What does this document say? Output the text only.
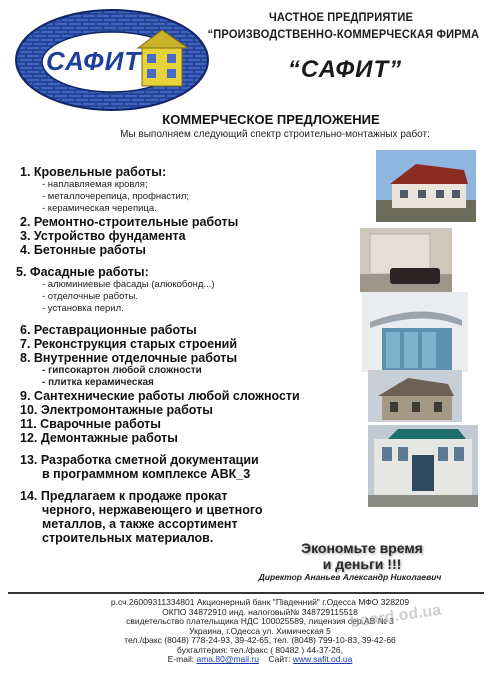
САФИТ
ЧАСТНОЕ ПРЕДПРИЯТИЕ
“ПРОИЗВОДСТВЕННО-КОММЕРЧЕСКАЯ ФИРМА
“САФИТ”
КОММЕРЧЕСКОЕ ПРЕДЛОЖЕНИЕ
Мы выполняем следующий спектр строительно-монтажных работ:
1. Кровельные работы:
- наплавляемая кровля;
- металлочерепица, профнастил;
- керамическая черепица.
2. Ремонтно-строительные работы
3. Устройство фундамента
4. Бетонные работы
5. Фасадные работы:
- алюминиевые фасады (алюкобонд...)
- отделочные работы.
- установка перил.
6. Реставрационные работы
7. Реконструкция старых строений
8. Внутренние отделочные работы
- гипсокартон любой сложности
- плитка керамическая
9. Сантехнические работы любой сложности
10. Электромонтажные работы
11. Сварочные работы
12. Демонтажные работы
13. Разработка сметной документации
в программном комплексе АВК_3
14. Предлагаем к продаже прокат
черного, нержавеющего и цветного
металлов, а также ассортимент
строительных материалов.
Экономьте время
и деньги !!!
Директор Ананьев Александр Николаевич
р.сч.26009311334801 Акционерный банк "Південний" г.Одесса МФО 328209
ОКПО 34872910 инд. налоговый№ 348729115518
свидетельство плательщика НДС 100025589, лицензия сер.АВ № 3
Украина, г.Одесса ул. Химическая 5
тел./факс (8048) 778-24-93, 39-42-65, тел. (8048) 799-10-83, 39-42-66
бухгалтерия: тел./факс ( 80482 ) 44-37-26,
E-mail: ama.80@mail.ru Сайт: www.safit.od.ua
board.od.ua
